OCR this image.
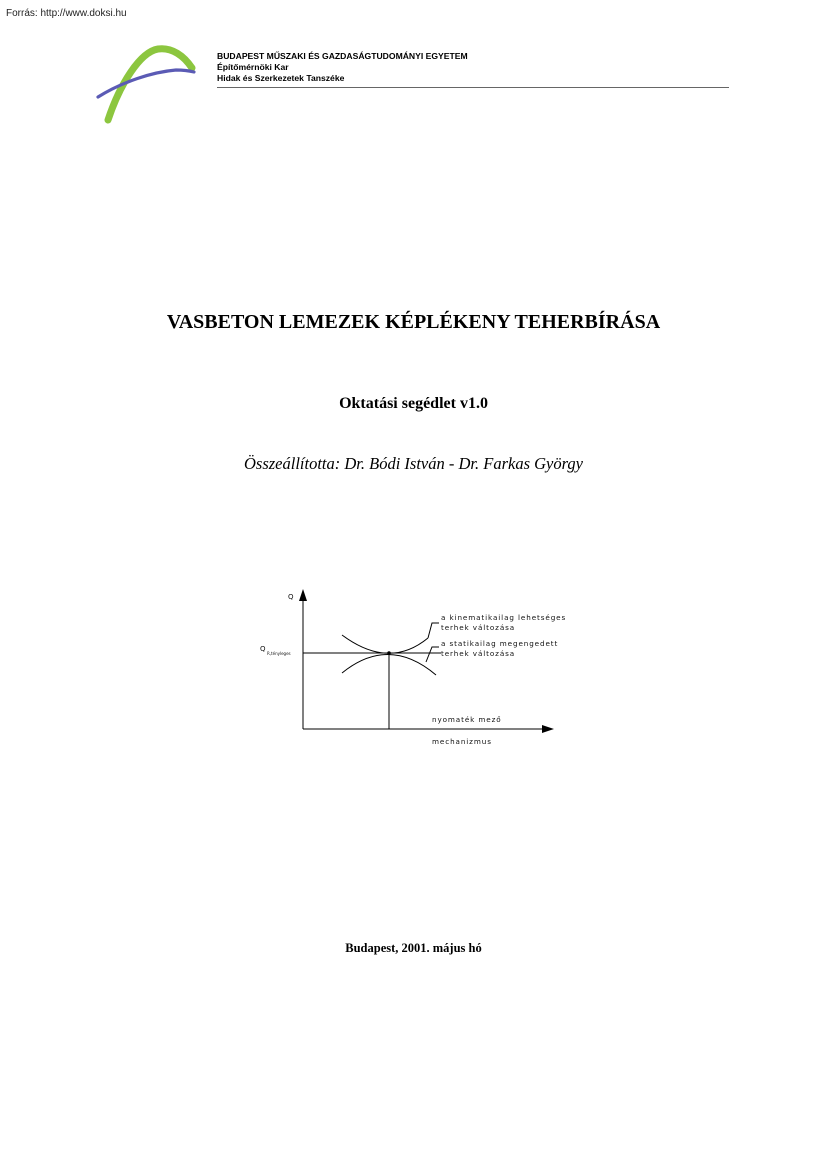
Forrás: http://www.doksi.hu
BUDAPEST MŰSZAKI ÉS GAZDASÁGTUDOMÁNYI EGYETEM
Építőmérnöki Kar
Hidak és Szerkezetek Tanszéke
VASBETON LEMEZEK KÉPLÉKENY TEHERBÍRÁSA
Oktatási segédlet v1.0
Összeállította: Dr. Bódi István - Dr. Farkas György
Q
Q
R,tényleges
a kinematikailag lehetséges
terhek változása
a statikailag megengedett
terhek változása
nyomaték mező
mechanizmus
Budapest, 2001. május hó
